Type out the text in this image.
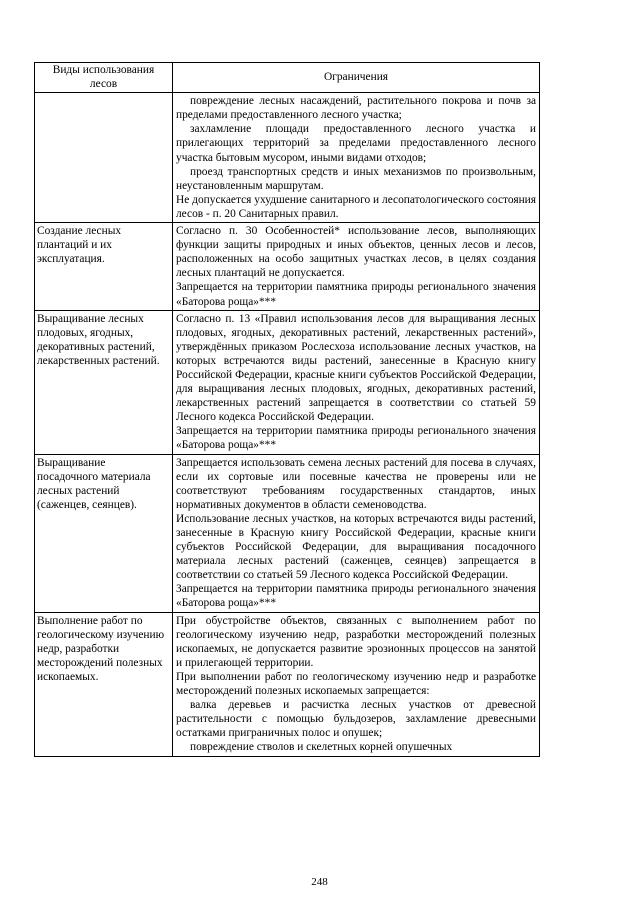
Виды использования лесов	Ограничения

	повреждение лесных насаждений, растительного покрова и почв за пределами предоставленного лесного участка;
захламление площади предоставленного лесного участка и прилегающих территорий за пределами предоставленного лесного участка бытовым мусором, иными видами отходов;
проезд транспортных средств и иных механизмов по произвольным, неустановленным маршрутам.
Не допускается ухудшение санитарного и лесопатологического состояния лесов - п. 20 Санитарных правил.

Создание лесных плантаций и их эксплуатация.	Согласно п. 30 Особенностей* использование лесов, выполняющих функции защиты природных и иных объектов, ценных лесов и лесов, расположенных на особо защитных участках лесов, в целях создания лесных плантаций не допускается.
Запрещается на территории памятника природы регионального значения «Баторова роща»***

Выращивание лесных плодовых, ягодных, декоративных растений, лекарственных растений.	Согласно п. 13 «Правил использования лесов для выращивания лесных плодовых, ягодных, декоративных растений, лекарственных растений», утверждённых приказом Рослесхоза использование лесных участков, на которых встречаются виды растений, занесенные в Красную книгу Российской Федерации, красные книги субъектов Российской Федерации, для выращивания лесных плодовых, ягодных, декоративных растений, лекарственных растений запрещается в соответствии со статьей 59 Лесного кодекса Российской Федерации.
Запрещается на территории памятника природы регионального значения «Баторова роща»***

Выращивание посадочного материала лесных растений (саженцев, сеянцев).	Запрещается использовать семена лесных растений для посева в случаях, если их сортовые или посевные качества не проверены или не соответствуют требованиям государственных стандартов, иных нормативных документов в области семеноводства.
Использование лесных участков, на которых встречаются виды растений, занесенные в Красную книгу Российской Федерации, красные книги субъектов Российской Федерации, для выращивания посадочного материала лесных растений (саженцев, сеянцев) запрещается в соответствии со статьей 59 Лесного кодекса Российской Федерации.
Запрещается на территории памятника природы регионального значения «Баторова роща»***

Выполнение работ по геологическому изучению недр, разработки месторождений полезных ископаемых.	При обустройстве объектов, связанных с выполнением работ по геологическому изучению недр, разработки месторождений полезных ископаемых, не допускается развитие эрозионных процессов на занятой и прилегающей территории.
При выполнении работ по геологическому изучению недр и разработке месторождений полезных ископаемых запрещается:
валка деревьев и расчистка лесных участков от древесной растительности с помощью бульдозеров, захламление древесными остатками приграничных полос и опушек;
повреждение стволов и скелетных корней опушечных
248
